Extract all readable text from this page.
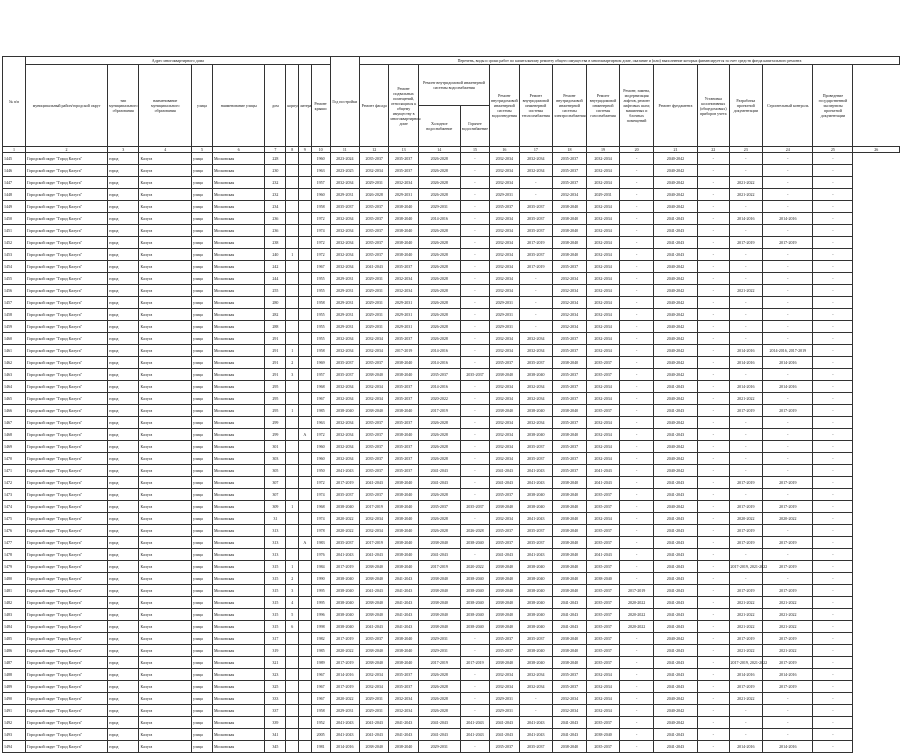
№ п/п	Адрес многоквартирного дома									Год постройки	Перечень, виды и сроки работ по капитальному ремонту общего имущества в многоквартирном доме, оказание и (или) выполнение которых финансируется за счет средств фонда капитального ремонта														
	муниципальный район/городской округ	тип муниципального образования	наименование муниципального образования	улица	наименование улицы	дом	корпус	литера	Ремонт крыши		Ремонт фасада	Ремонт подвальных помещений, относящихся к общему имуществу в многоквартирном доме	Ремонт внутридомовой инженерной системы водоснабжения		Ремонт внутридомовой инженерной системы водоотведения	Ремонт внутридомовой инженерной системы теплоснабжения	Ремонт внутридомовой инженерной системы электроснабжения	Ремонт внутридомовой инженерной системы газоснабжения	Ремонт, замена, модернизация лифтов, ремонт лифтовых шахт, машинных и блочных помещений	Ремонт фундамента	Установка коллективных (общедомовых) приборов учета	Разработка проектной документации	Строительный контроль	Проведение государственной экспертизы проектной документации	
													Холодное водоснабжение	Горячее водоснабжение											
1	2	3	4	5	6	7	8	9	10	11	12	13	14	15	16	17	18	19	20	21	22	23	24	25	26
1445	Городской округ "Город Калуга"	город	Калуга	улица	Московская	228			1960	2023-2024	2035-2037	2035-2037	2026-2028	-	2032-2034	2032-2034	2035-2037	2032-2034	-	2040-2042	-	-	-	-	
1446	Городской округ "Город Калуга"	город	Калуга	улица	Московская	230			1963	2023-2025	2032-2034	2035-2037	2026-2028	-	2032-2034	2032-2034	2035-2037	2032-2034	-	2040-2042	-	-	-	-	
1447	Городской округ "Город Калуга"	город	Калуга	улица	Московская	232			1957	2032-2034	2029-2031	2032-2034	2026-2028	-	2032-2034	-	2035-2037	2032-2034	-	2040-2042	-	2021-2022	-	-	
1448	Городской округ "Город Калуга"	город	Калуга	улица	Московская	232			1960	2029-2031	2026-2028	2029-2031	2026-2028	-	2029-2031	-	2032-2034	2029-2031	-	2040-2042	-	2021-2022	-	-	
1449	Городской округ "Город Калуга"	город	Калуга	улица	Московская	234			1958	2035-2037	2035-2037	2038-2040	2029-2031	-	2035-2037	2035-2037	2038-2040	2032-2034	-	2040-2042	-	-	-	-	
1450	Городской округ "Город Калуга"	город	Калуга	улица	Московская	236			1972	2032-2034	2035-2037	2038-2040	2014-2016	-	2032-2034	2035-2037	2038-2040	2032-2034	-	2041-2043	-	2014-2016	2014-2016	-	
1451	Городской округ "Город Калуга"	город	Калуга	улица	Московская	236			1974	2032-2034	2035-2037	2038-2040	2026-2028	-	2032-2034	2035-2037	2038-2040	2032-2034	-	2041-2043	-	-	-	-	
1452	Городской округ "Город Калуга"	город	Калуга	улица	Московская	238			1972	2032-2034	2035-2037	2038-2040	2026-2028	-	2032-2034	2017-2019	2038-2040	2032-2034	-	2041-2043	-	2017-2019	2017-2019	-	
1453	Городской округ "Город Калуга"	город	Калуга	улица	Московская	240	1		1972	2032-2034	2035-2037	2038-2040	2026-2028	-	2032-2034	2035-2037	2038-2040	2032-2034	-	2041-2043	-	-	-	-	
1454	Городской округ "Город Калуга"	город	Калуга	улица	Московская	242			1967	2032-2034	2041-2043	2035-2037	2026-2028	-	2032-2034	2017-2019	2035-2037	2032-2034	-	2040-2042	-	-	-	-	
1455	Городской округ "Город Калуга"	город	Калуга	улица	Московская	244			1955	2029-2031	2029-2031	2032-2034	2026-2028	-	2032-2034	-	2032-2034	2032-2034	-	2040-2042	-	-	-	-	
1456	Городской округ "Город Калуга"	город	Калуга	улица	Московская	255			1955	2029-2031	2029-2031	2032-2034	2026-2028	-	2032-2034	-	2032-2034	2032-2034	-	2040-2042	-	2021-2022	-	-	
1457	Городской округ "Город Калуга"	город	Калуга	улица	Московская	280			1958	2029-2031	2029-2031	2029-2031	2026-2028	-	2029-2031	-	2032-2034	2032-2034	-	2040-2042	-	-	-	-	
1458	Городской округ "Город Калуга"	город	Калуга	улица	Московская	282			1955	2029-2031	2029-2031	2029-2031	2026-2028	-	2029-2031	-	2032-2034	2032-2034	-	2040-2042	-	-	-	-	
1459	Городской округ "Город Калуга"	город	Калуга	улица	Московская	288			1955	2029-2031	2029-2031	2029-2031	2026-2028	-	2029-2031	-	2032-2034	2032-2034	-	2040-2042	-	-	-	-	
1460	Городской округ "Город Калуга"	город	Калуга	улица	Московская	291			1955	2032-2034	2032-2034	2035-2037	2026-2028	-	2032-2034	2032-2034	2035-2037	2032-2034	-	2040-2042	-	-	-	-	
1461	Городской округ "Город Калуга"	город	Калуга	улица	Московская	291	1		1958	2032-2034	2032-2034	2017-2019	2014-2016	-	2032-2034	2032-2034	2035-2037	2032-2034	-	2040-2042	-	2014-2016	2014-2016, 2017-2019	-	
1462	Городской округ "Город Калуга"	город	Калуга	улица	Московская	291	2		1969	2035-2037	2035-2037	2038-2040	2014-2016	-	2035-2037	2035-2037	2038-2040	2035-2037	-	2040-2042	-	2014-2016	2014-2016	-	
1463	Городской округ "Город Калуга"	город	Калуга	улица	Московская	291	3		1957	2035-2037	2038-2040	2038-2040	2035-2037	2035-2037	2038-2040	2038-2040	2035-2037	2035-2037	-	2040-2042	-	-	-	-	
1464	Городской округ "Город Калуга"	город	Калуга	улица	Московская	295			1968	2032-2034	2032-2034	2035-2037	2014-2016	-	2032-2034	2032-2034	2035-2037	2032-2034	-	2041-2043	-	2014-2016	2014-2016	-	
1465	Городской округ "Город Калуга"	город	Калуга	улица	Московская	295			1967	2032-2034	2032-2034	2035-2037	2020-2022	-	2032-2034	2032-2034	2035-2037	2032-2034	-	2040-2042	-	2021-2022	-	-	
1466	Городской округ "Город Калуга"	город	Калуга	улица	Московская	295	1		1985	2038-2040	2038-2040	2038-2040	2017-2019	-	2038-2040	2038-2040	2038-2040	2035-2037	-	2041-2043	-	2017-2019	2017-2019	-	
1467	Городской округ "Город Калуга"	город	Калуга	улица	Московская	299			1963	2032-2034	2035-2037	2035-2037	2026-2028	-	2032-2034	2032-2034	2035-2037	2032-2034	-	2040-2042	-	-	-	-	
1468	Городской округ "Город Калуга"	город	Калуга	улица	Московская	299		А	1972	2032-2034	2035-2037	2038-2040	2026-2028	-	2032-2034	2038-2040	2038-2040	2032-2034	-	2041-2043	-	-	-	-	
1469	Городской округ "Город Калуга"	город	Калуга	улица	Московская	301			1960	2032-2034	2035-2037	2035-2037	2026-2028	-	2032-2034	2035-2037	2035-2037	2032-2034	-	2040-2042	-	-	-	-	
1470	Городской округ "Город Калуга"	город	Калуга	улица	Московская	303			1960	2032-2034	2035-2037	2035-2037	2026-2028	-	2032-2034	2035-2037	2035-2037	2032-2034	-	2040-2042	-	-	-	-	
1471	Городской округ "Город Калуга"	город	Калуга	улица	Московская	305			1950	2041-2043	2035-2037	2035-2037	2041-2043	-	2041-2043	2041-2043	2035-2037	2041-2043	-	2040-2042	-	-	-	-	
1472	Городской округ "Город Калуга"	город	Калуга	улица	Московская	307			1972	2017-2019	2041-2043	2038-2040	2041-2043	-	2041-2043	2041-2043	2038-2040	2041-2043	-	2041-2043	-	2017-2019	2017-2019	-	
1473	Городской округ "Город Калуга"	город	Калуга	улица	Московская	307			1974	2035-2037	2035-2037	2038-2040	2026-2028	-	2035-2037	2038-2040	2038-2040	2035-2037	-	2041-2043	-	-	-	-	
1474	Городской округ "Город Калуга"	город	Калуга	улица	Московская	309	1		1968	2038-2040	2017-2019	2038-2040	2035-2037	2035-2037	2038-2040	2038-2040	2038-2040	2035-2037	-	2040-2042	-	2017-2019	2017-2019	-	
1475	Городской округ "Город Калуга"	город	Калуга	улица	Московская	31			1974	2020-2022	2032-2034	2038-2040	2026-2028	-	2032-2034	2041-2043	2038-2040	2032-2034	-	2041-2043	-	2020-2022	2020-2022	-	
1476	Городской округ "Город Калуга"	город	Калуга	улица	Московская	313			1978	2020-2022	2032-2034	2038-2040	2026-2028	2026-2028	2035-2037	2035-2037	2038-2040	2035-2037	-	2041-2043	-	2017-2019	-	-	
1477	Городской округ "Город Калуга"	город	Калуга	улица	Московская	313		А	1983	2035-2037	2017-2019	2038-2040	2038-2040	2038-2040	2035-2037	2035-2037	2038-2040	2035-2037	-	2041-2043	-	2017-2019	2017-2019	-	
1478	Городской округ "Город Калуга"	город	Калуга	улица	Московская	313			1976	2041-2043	2041-2043	2038-2040	2041-2043	-	2041-2043	2041-2043	2038-2040	2041-2043	-	2041-2043	-	-	-	-	
1479	Городской округ "Город Калуга"	город	Калуга	улица	Московская	315	1		1984	2017-2019	2038-2040	2038-2040	2017-2019	2020-2022	2038-2040	2038-2040	2038-2040	2035-2037	-	2041-2043	-	2017-2019, 2021-2022	2017-2019	-	
1480	Городской округ "Город Калуга"	город	Калуга	улица	Московская	315	2		1990	2038-2040	2038-2040	2041-2043	2038-2040	2038-2040	2038-2040	2038-2040	2038-2040	2038-2040	-	2041-2043	-	-	-	-	
1481	Городской округ "Город Калуга"	город	Калуга	улица	Московская	315	3		1995	2038-2040	2041-2043	2041-2043	2038-2040	2038-2040	2038-2040	2038-2040	2038-2040	2035-2037	2017-2019	2041-2043	-	2017-2019	2017-2019	-	
1482	Городской округ "Город Калуга"	город	Калуга	улица	Московская	315	4		1995	2038-2040	2038-2040	2041-2043	2038-2040	2038-2040	2038-2040	2038-2040	2041-2043	2035-2037	2020-2022	2041-2043	-	2021-2022	2021-2022	-	
1483	Городской округ "Город Калуга"	город	Калуга	улица	Московская	315	5		1996	2038-2040	2038-2040	2041-2043	2038-2040	2038-2040	2038-2040	2038-2040	2041-2043	2035-2037	2020-2022	2041-2043	-	2021-2022	2021-2022	-	
1484	Городской округ "Город Калуга"	город	Калуга	улица	Московская	315	6		1998	2038-2040	2041-2043	2041-2043	2038-2040	2038-2040	2038-2040	2038-2040	2041-2043	2035-2037	2020-2022	2041-2043	-	2021-2022	2021-2022	-	
1485	Городской округ "Город Калуга"	город	Калуга	улица	Московская	317			1982	2017-2019	2035-2037	2038-2040	2029-2031	-	2035-2037	2035-2037	2038-2040	2035-2037	-	2040-2042	-	2017-2019	2017-2019	-	
1486	Городской округ "Город Калуга"	город	Калуга	улица	Московская	319			1985	2020-2022	2038-2040	2038-2040	2029-2031	-	2035-2037	2038-2040	2038-2040	2035-2037	-	2041-2043	-	2021-2022	2021-2022	-	
1487	Городской округ "Город Калуга"	город	Калуга	улица	Московская	321			1989	2017-2019	2038-2040	2038-2040	2017-2019	2017-2019	2038-2040	2038-2040	2038-2040	2035-2037	-	2041-2043	-	2017-2019, 2021-2022	2017-2019	-	
1488	Городской округ "Город Калуга"	город	Калуга	улица	Московская	323			1967	2014-2016	2032-2034	2035-2037	2026-2028	-	2032-2034	2032-2034	2035-2037	2032-2034	-	2041-2043	-	2014-2016	2014-2016	-	
1489	Городской округ "Город Калуга"	город	Калуга	улица	Московская	325			1967	2017-2019	2032-2034	2035-2037	2026-2028	-	2032-2034	2032-2034	2035-2037	2032-2034	-	2041-2043	-	2017-2019	2017-2019	-	
1490	Городской округ "Город Калуга"	город	Калуга	улица	Московская	333			1967	2020-2022	2029-2031	2032-2034	2026-2028	-	2029-2031	-	2032-2034	2032-2034	-	2040-2042	-	2021-2022	-	-	
1491	Городской округ "Город Калуга"	город	Калуга	улица	Московская	337			1958	2029-2031	2029-2031	2032-2034	2026-2028	-	2029-2031	-	2032-2034	2032-2034	-	2040-2042	-	-	-	-	
1492	Городской округ "Город Калуга"	город	Калуга	улица	Московская	339			1952	2041-2043	2041-2043	2041-2043	2041-2043	2041-2043	2041-2043	2041-2043	2041-2043	2035-2037	-	2040-2042	-	-	-	-	
1493	Городской округ "Город Калуга"	город	Калуга	улица	Московская	341			2005	2041-2043	2041-2043	2041-2043	2041-2043	2041-2043	2041-2043	2041-2043	2041-2043	2038-2040	-	2041-2043	-	-	-	-	
1494	Городской округ "Город Калуга"	город	Калуга	улица	Московская	345			1981	2014-2016	2038-2040	2038-2040	2029-2031	-	2035-2037	2035-2037	2038-2040	2035-2037	-	2041-2043	-	2014-2016	2014-2016	-	
